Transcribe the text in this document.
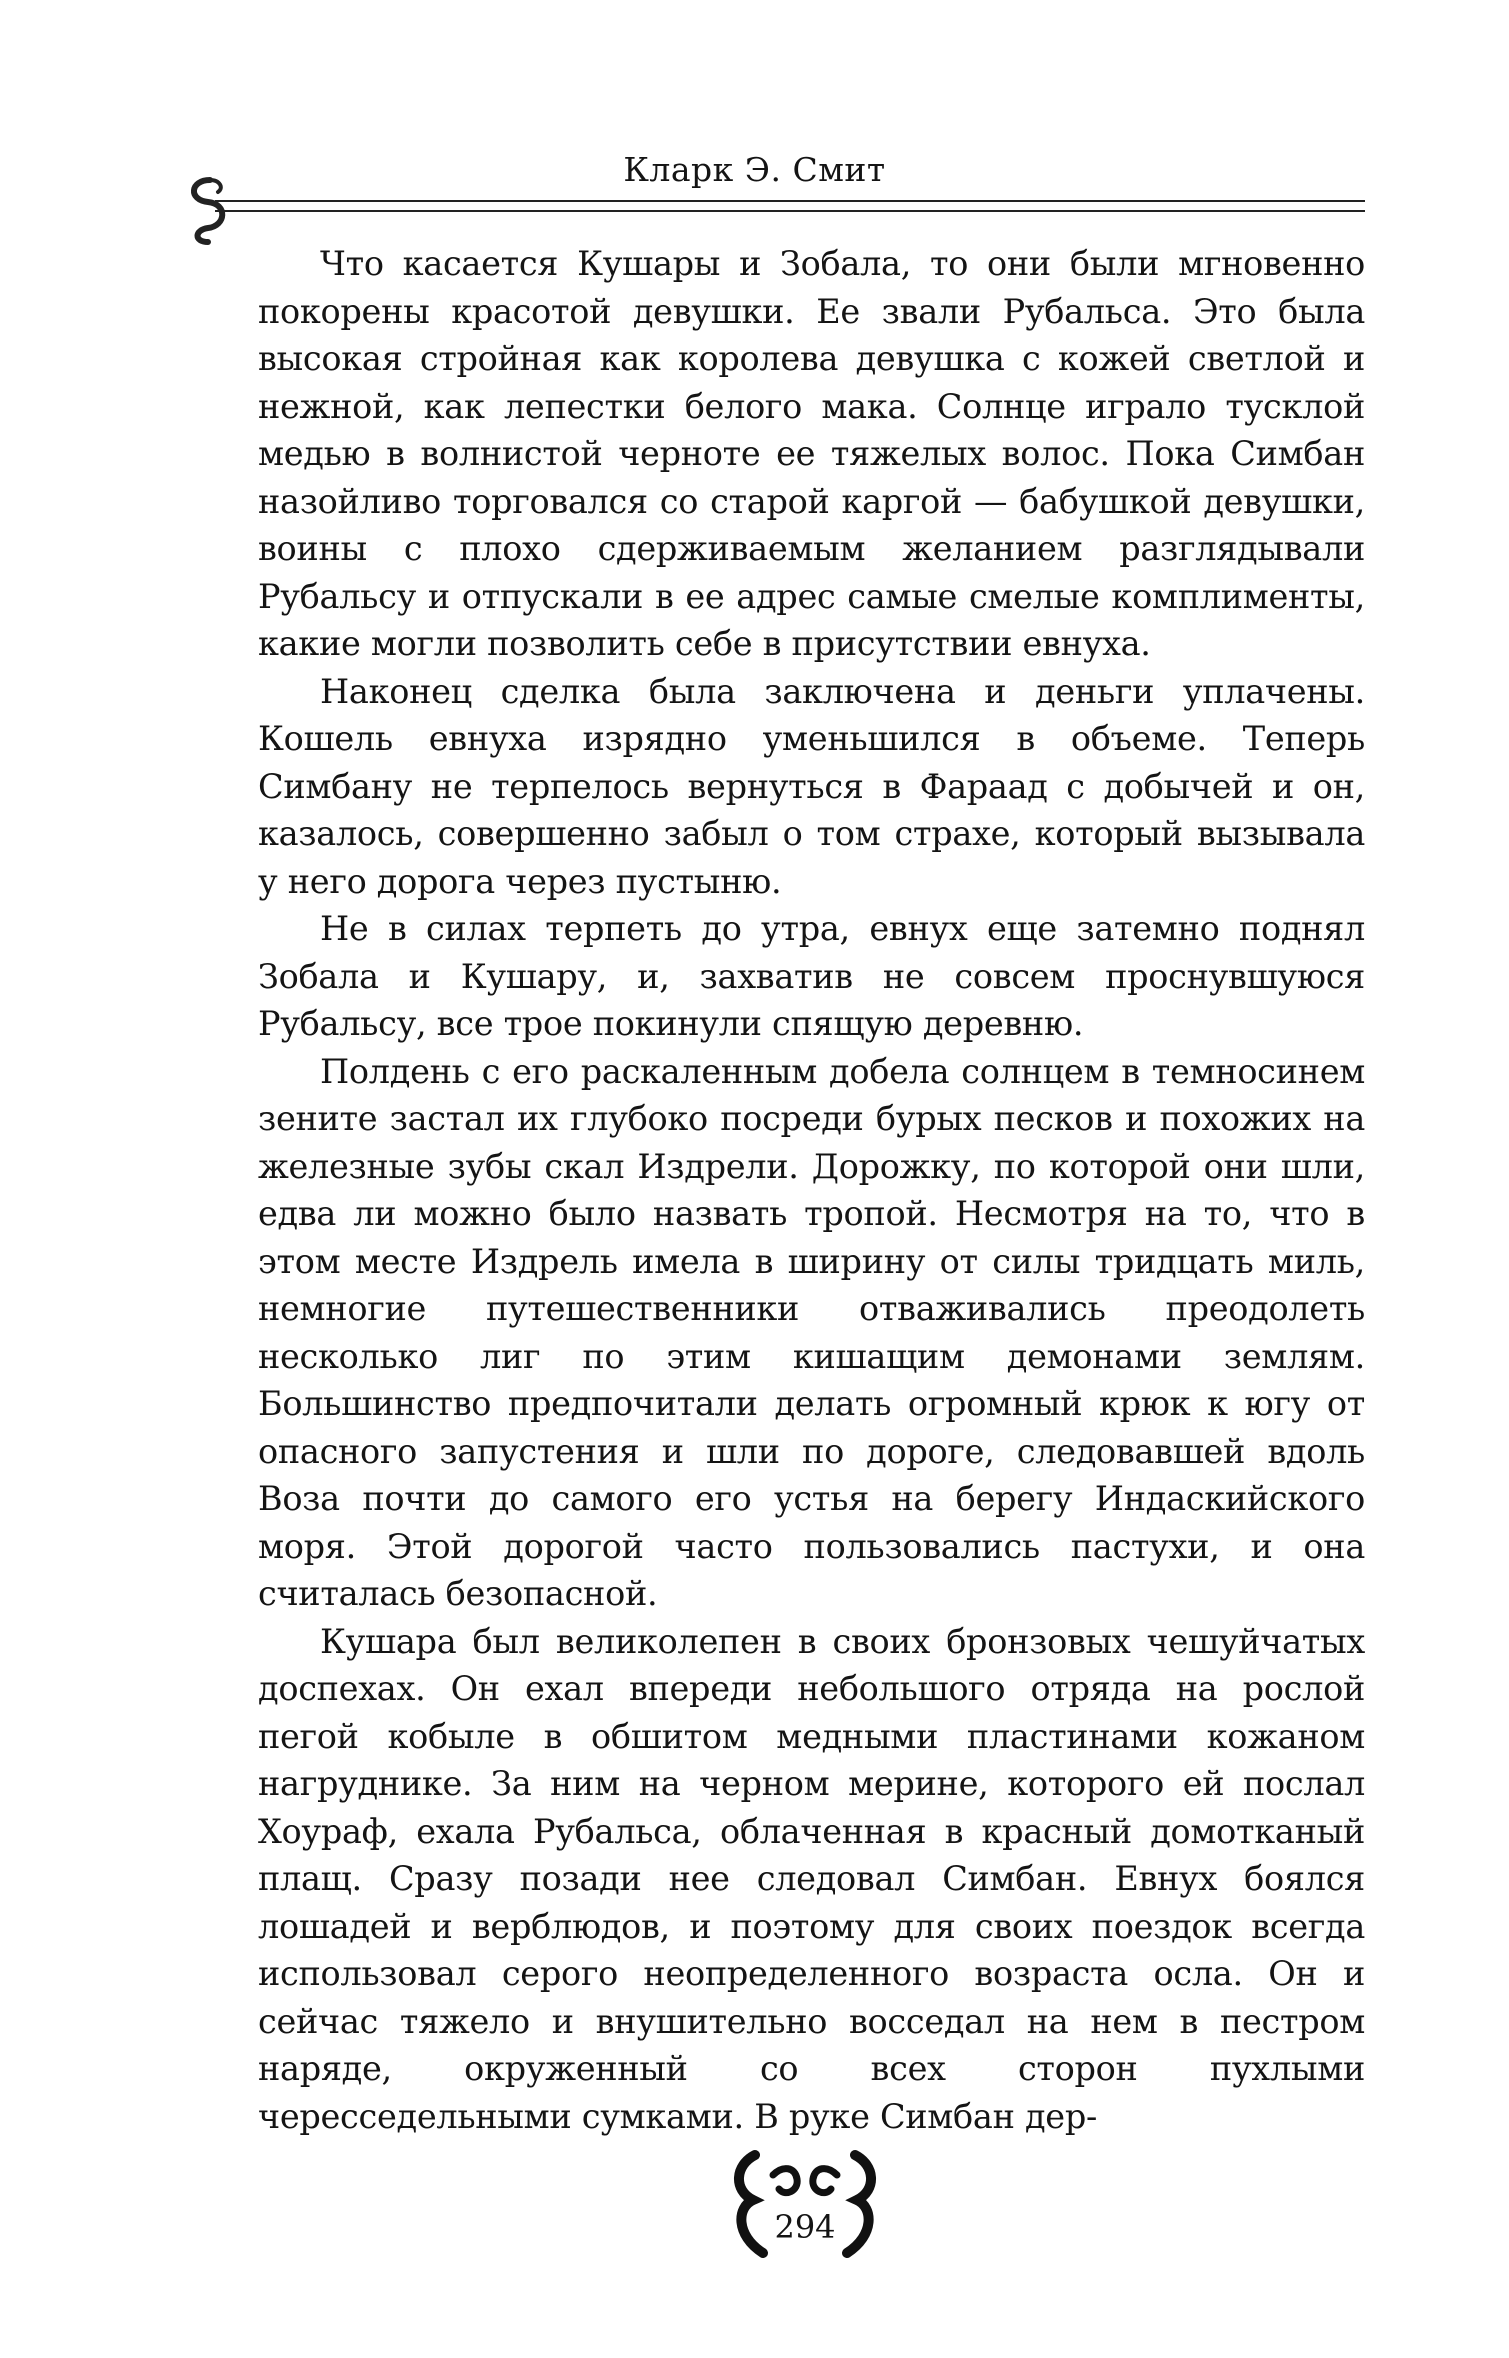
Кларк Э. Смит

Что касается Кушары и Зобала, то они были мгновенно покорены красотой девушки. Ее звали Рубальса. Это была высокая стройная как королева девушка с кожей светлой и нежной, как лепестки белого мака. Солнце играло тусклой медью в волнистой черноте ее тяжелых волос. Пока Симбан назойливо торговался со старой каргой — бабушкой девушки, воины с плохо сдерживаемым желанием разглядывали Рубальсу и отпускали в ее адрес самые смелые комплименты, какие могли позволить себе в присутствии евнуха.

Наконец сделка была заключена и деньги уплачены. Кошель евнуха изрядно уменьшился в объеме. Теперь Симбану не терпелось вернуться в Фараад с добычей и он, казалось, совершенно забыл о том страхе, который вызывала у него дорога через пустыню.

Не в силах терпеть до утра, евнух еще затемно поднял Зобала и Кушару, и, захватив не совсем проснувшуюся Рубальсу, все трое покинули спящую деревню.

Полдень с его раскаленным добела солнцем в темносинем зените застал их глубоко посреди бурых песков и похожих на железные зубы скал Издрели. Дорожку, по которой они шли, едва ли можно было назвать тропой. Несмотря на то, что в этом месте Издрель имела в ширину от силы тридцать миль, немногие путешественники отваживались преодолеть несколько лиг по этим кишащим демонами землям. Большинство предпочитали делать огромный крюк к югу от опасного запустения и шли по дороге, следовавшей вдоль Воза почти до самого его устья на берегу Индаскийского моря. Этой дорогой часто пользовались пастухи, и она считалась безопасной.

Кушара был великолепен в своих бронзовых чешуйчатых доспехах. Он ехал впереди небольшого отряда на рослой пегой кобыле в обшитом медными пластинами кожаном нагруднике. За ним на черном мерине, которого ей послал Хоураф, ехала Рубальса, облаченная в красный домотканый плащ. Сразу позади нее следовал Симбан. Евнух боялся лошадей и верблюдов, и поэтому для своих поездок всегда использовал серого неопределенного возраста осла. Он и сейчас тяжело и внушительно восседал на нем в пестром наряде, окруженный со всех сторон пухлыми чересседельными сумками. В руке Симбан дер-

294
